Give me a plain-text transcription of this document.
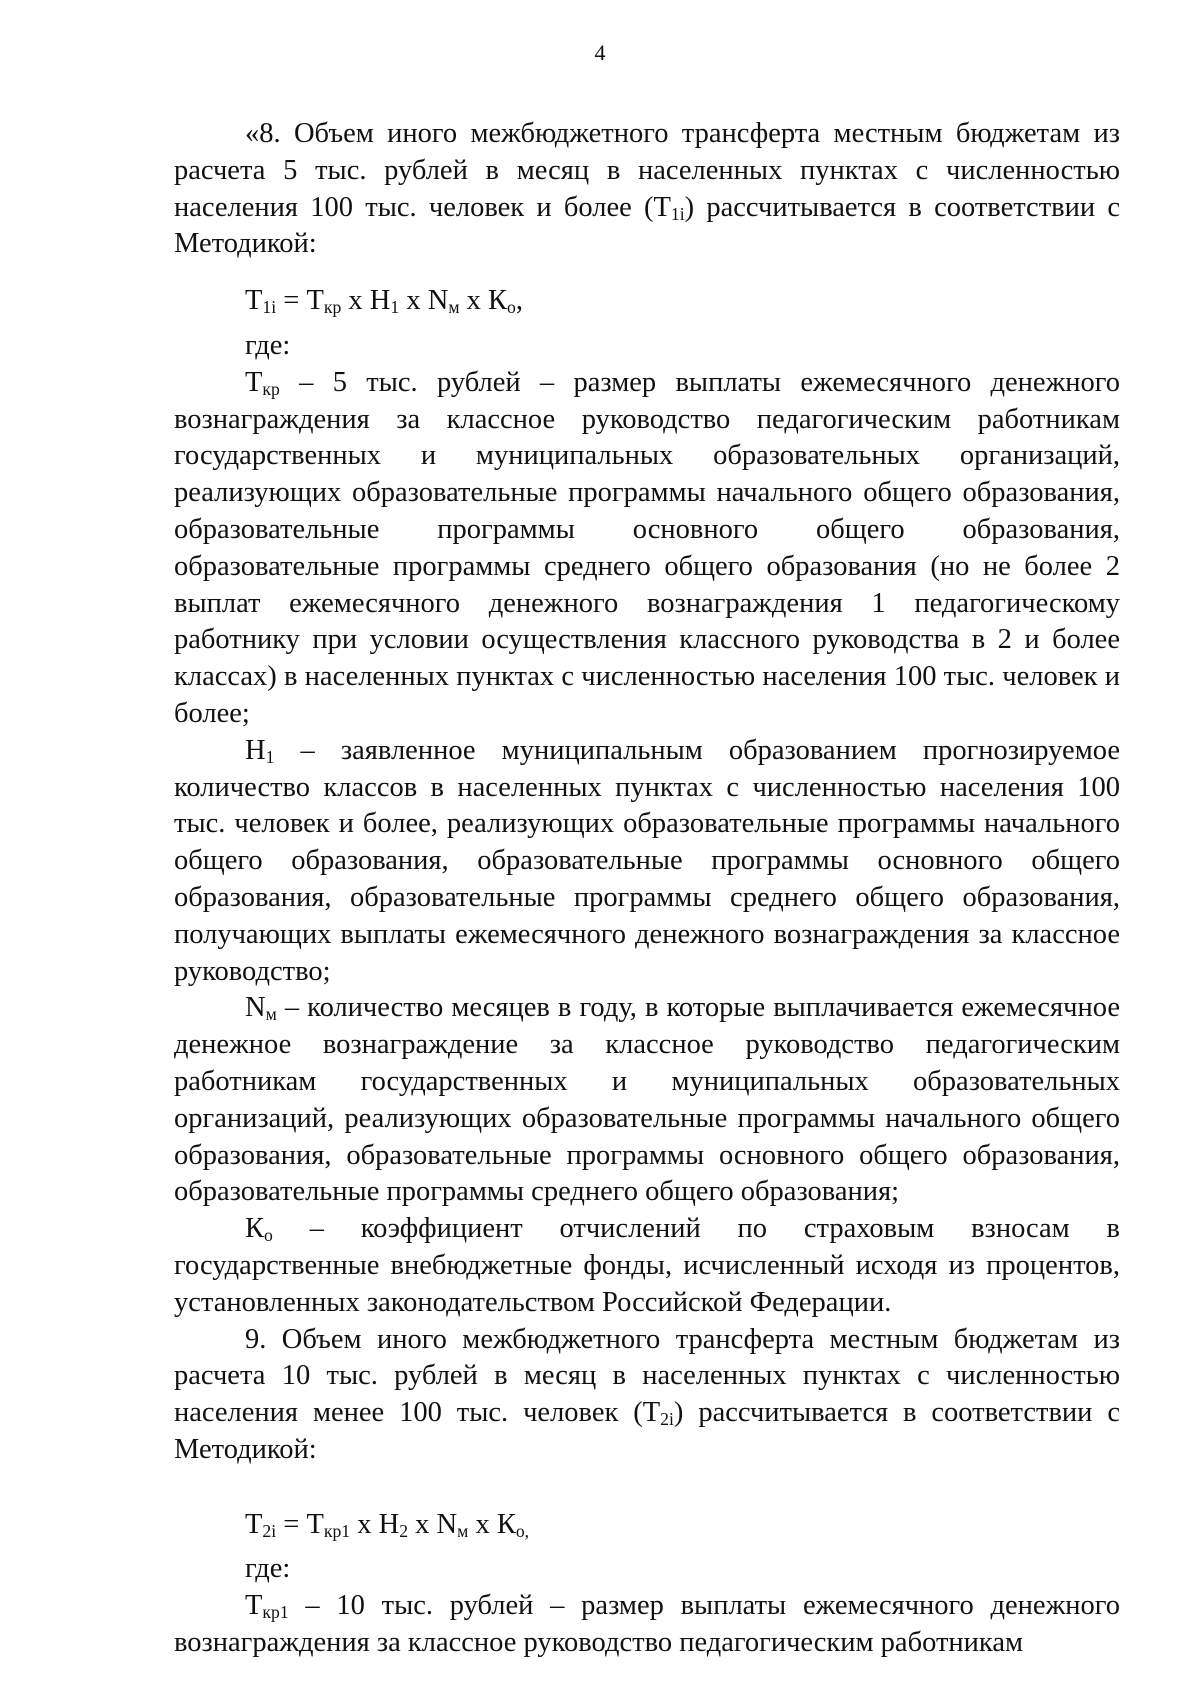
4

«8. Объем иного межбюджетного трансферта местным бюджетам из расчета 5 тыс. рублей в месяц в населенных пунктах с численностью населения 100 тыс. человек и более $(Т_{1i})$ рассчитывается в соответствии с Методикой:

$Т_{1i} = Т_{кр}$ х $Н_1$ х $N_м$ х $К_о$,

где:

$Т_{кр} - 5$ тыс. рублей – размер выплаты ежемесячного денежного вознаграждения за классное руководство педагогическим работникам государственных и муниципальных образовательных организаций, реализующих образовательные программы начального общего образования, образовательные программы основного общего образования, образовательные программы среднего общего образования (но не более 2 выплат ежемесячного денежного вознаграждения 1 педагогическому работнику при условии осуществления классного руководства в 2 и более классах) в населенных пунктах с численностью населения 100 тыс. человек и более;

$Н_1$ – заявленное муниципальным образованием прогнозируемое количество классов в населенных пунктах с численностью населения 100 тыс. человек и более, реализующих образовательные программы начального общего образования, образовательные программы основного общего образования, образовательные программы среднего общего образования, получающих выплаты ежемесячного денежного вознаграждения за классное руководство;

$N_м$ – количество месяцев в году, в которые выплачивается ежемесячное денежное вознаграждение за классное руководство педагогическим работникам государственных и муниципальных образовательных организаций, реализующих образовательные программы начального общего образования, образовательные программы основного общего образования, образовательные программы среднего общего образования;

$К_о$ – коэффициент отчислений по страховым взносам в государственные внебюджетные фонды, исчисленный исходя из процентов, установленных законодательством Российской Федерации.

9. Объем иного межбюджетного трансферта местным бюджетам из расчета 10 тыс. рублей в месяц в населенных пунктах с численностью населения менее 100 тыс. человек $(Т_{2i})$ рассчитывается в соответствии с Методикой:

$Т_{2i} = Т_{кр1}$ х $Н_2$ х $N_м$ х $К_{о,}$

где:

$Т_{кр1} - 10$ тыс. рублей – размер выплаты ежемесячного денежного вознаграждения за классное руководство педагогическим работникам
